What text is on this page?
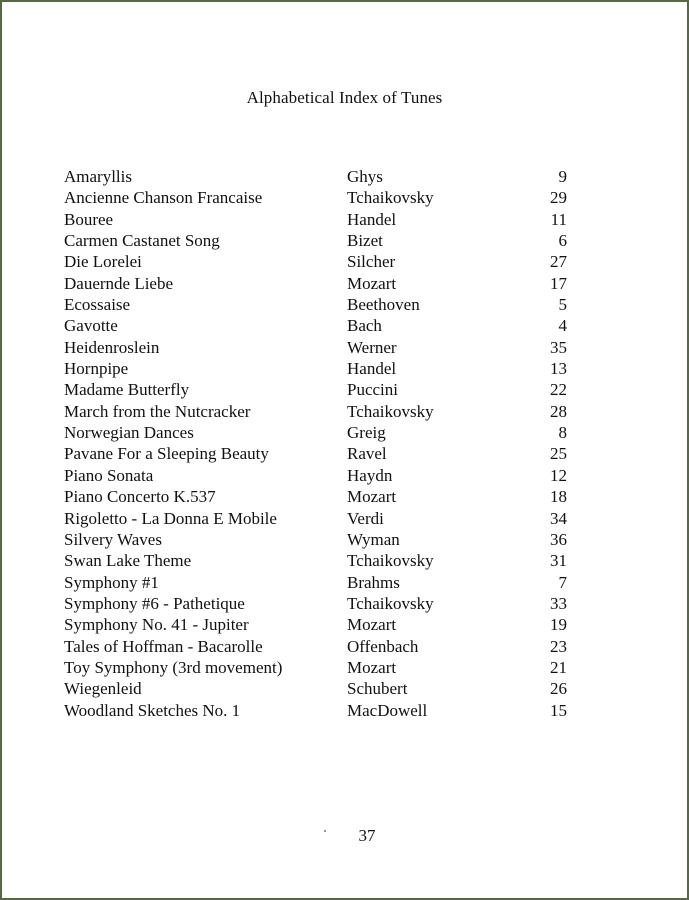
Alphabetical Index of Tunes
Amaryllis	Ghys	9
Ancienne Chanson Francaise	Tchaikovsky	29
Bouree	Handel	11
Carmen Castanet Song	Bizet	6
Die Lorelei	Silcher	27
Dauernde Liebe	Mozart	17
Ecossaise	Beethoven	5
Gavotte	Bach	4
Heidenroslein	Werner	35
Hornpipe	Handel	13
Madame Butterfly	Puccini	22
March from the Nutcracker	Tchaikovsky	28
Norwegian Dances	Greig	8
Pavane For a Sleeping Beauty	Ravel	25
Piano Sonata	Haydn	12
Piano Concerto K.537	Mozart	18
Rigoletto - La Donna E Mobile	Verdi	34
Silvery Waves	Wyman	36
Swan Lake Theme	Tchaikovsky	31
Symphony #1	Brahms	7
Symphony #6 - Pathetique	Tchaikovsky	33
Symphony No. 41 - Jupiter	Mozart	19
Tales of Hoffman - Bacarolle	Offenbach	23
Toy Symphony (3rd movement)	Mozart	21
Wiegenleid	Schubert	26
Woodland Sketches No. 1	MacDowell	15
37
